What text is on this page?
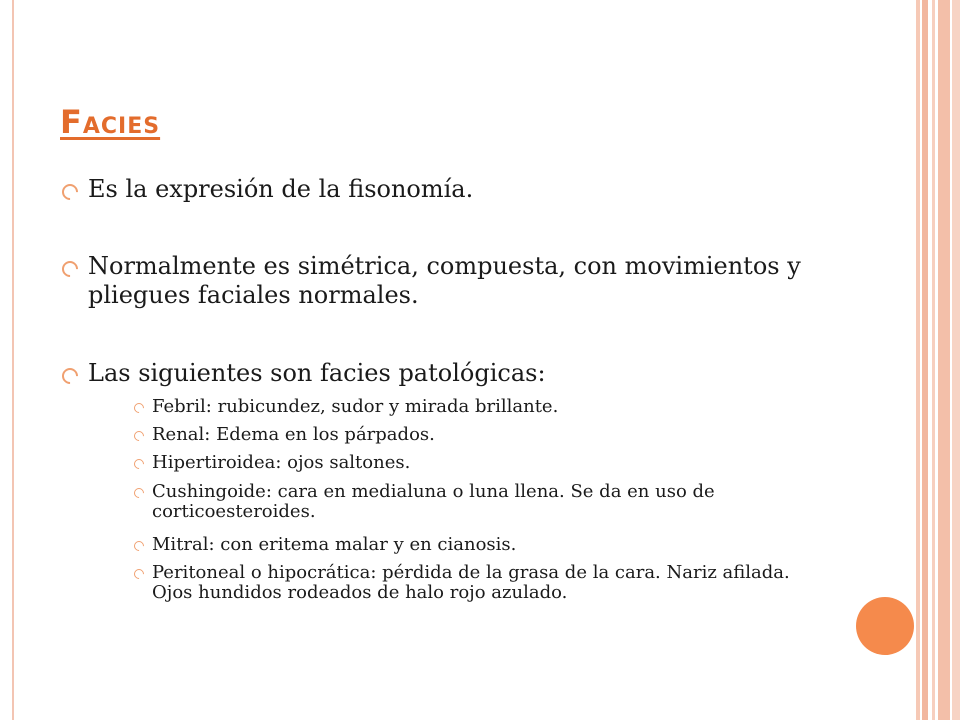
Facies
Es la expresión de la fisonomía.
Normalmente es simétrica, compuesta, con movimientos y pliegues faciales normales.
Las siguientes son facies patológicas:
Febril: rubicundez, sudor y mirada brillante.
Renal: Edema en los párpados.
Hipertiroidea: ojos saltones.
Cushingoide: cara en medialuna o luna llena. Se da en uso de corticoesteroides.
Mitral: con eritema malar y en cianosis.
Peritoneal o hipocrática: pérdida de la grasa de la cara. Nariz afilada. Ojos hundidos rodeados de halo rojo azulado.
